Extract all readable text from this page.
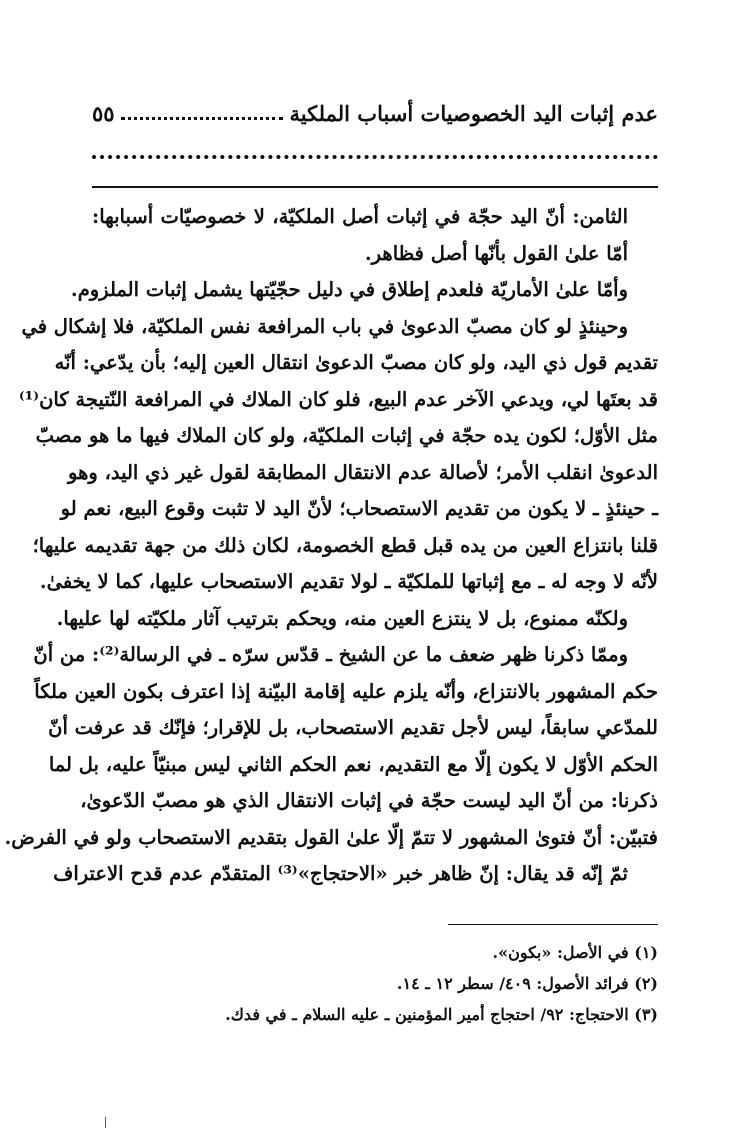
عدم إثبات اليد الخصوصيات أسباب الملكية
٥٥
الثامن: أنّ اليد حجّة في إثبات أصل الملكيّة، لا خصوصيّات أسبابها:
أمّا علىٰ القول بأنّها أصل فظاهر.
وأمّا علىٰ الأماريّة فلعدم إطلاق في دليل حجّيّتها يشمل إثبات الملزوم.
وحينئذٍ لو كان مصبّ الدعوىٰ في باب المرافعة نفس الملكيّة، فلا إشكال في
تقديم قول ذي اليد، ولو كان مصبّ الدعوىٰ انتقال العين إليه؛ بأن يدّعي: أنّه
قد بعتَها لي، ويدعي الآخر عدم البيع، فلو كان الملاك في المرافعة النّتيجة كان⁽¹⁾
مثل الأوّل؛ لكون يده حجّة في إثبات الملكيّة، ولو كان الملاك فيها ما هو مصبّ
الدعوىٰ انقلب الأمر؛ لأصالة عدم الانتقال المطابقة لقول غير ذي اليد، وهو
ـ حينئذٍ ـ لا يكون من تقديم الاستصحاب؛ لأنّ اليد لا تثبت وقوع البيع، نعم لو
قلنا بانتزاع العين من يده قبل قطع الخصومة، لكان ذلك من جهة تقديمه عليها؛
لأنّه لا وجه له ـ مع إثباتها للملكيّة ـ لولا تقديم الاستصحاب عليها، كما لا يخفىٰ.
ولكنّه ممنوع، بل لا ينتزع العين منه، ويحكم بترتيب آثار ملكيّته لها عليها.
وممّا ذكرنا ظهر ضعف ما عن الشيخ ـ قدّس سرّه ـ في الرسالة⁽²⁾: من أنّ
حكم المشهور بالانتزاع، وأنّه يلزم عليه إقامة البيّنة إذا اعترف بكون العين ملكاً
للمدّعي سابقاً، ليس لأجل تقديم الاستصحاب، بل للإقرار؛ فإنّك قد عرفت أنّ
الحكم الأوّل لا يكون إلّا مع التقديم، نعم الحكم الثاني ليس مبنيّاً عليه، بل لما
ذكرنا: من أنّ اليد ليست حجّة في إثبات الانتقال الذي هو مصبّ الدّعوىٰ،
فتبيّن: أنّ فتوىٰ المشهور لا تتمّ إلّا علىٰ القول بتقديم الاستصحاب ولو في الفرض.
ثمّ إنّه قد يقال: إنّ ظاهر خبر «الاحتجاج»⁽³⁾ المتقدّم عدم قدح الاعتراف
(١) في الأصل: «بكون».
(٢) فرائد الأصول: ٤٠٩/ سطر ١٢ ـ ١٤.
(٣) الاحتجاج: ٩٢/ احتجاج أمير المؤمنين ـ عليه السلام ـ في فدك.
